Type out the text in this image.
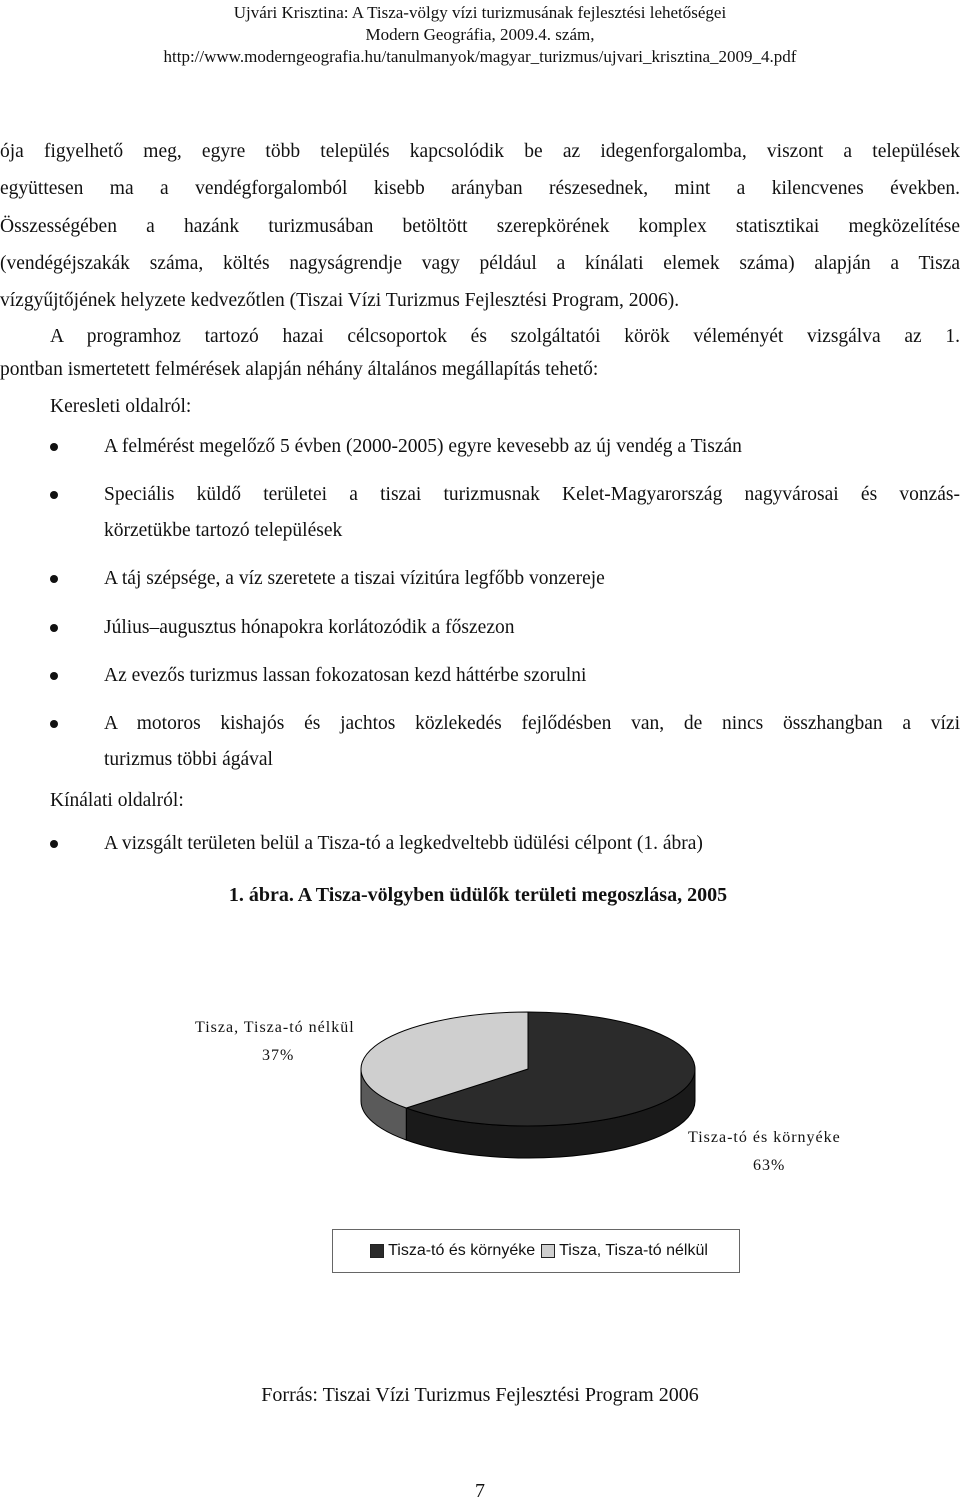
Ujvári Krisztina: A Tisza-völgy vízi turizmusának fejlesztési lehetőségei
Modern Geográfia, 2009.4. szám,
http://www.moderngeografia.hu/tanulmanyok/magyar_turizmus/ujvari_krisztina_2009_4.pdf
ója figyelhető meg, egyre több település kapcsolódik be az idegenforgalomba, viszont a települések
együttesen ma a vendégforgalomból kisebb arányban részesednek, mint a kilencvenes években.
Összességében a hazánk turizmusában betöltött szerepkörének komplex statisztikai megközelítése
(vendégéjszakák száma, költés nagyságrendje vagy például a kínálati elemek száma) alapján a Tisza
vízgyűjtőjének helyzete kedvezőtlen (Tiszai Vízi Turizmus Fejlesztési Program, 2006).
A programhoz tartozó hazai célcsoportok és szolgáltatói körök véleményét vizsgálva az 1.
pontban ismertetett felmérések alapján néhány általános megállapítás tehető:
Keresleti oldalról:
A felmérést megelőző 5 évben (2000-2005) egyre kevesebb az új vendég a Tiszán
Speciális küldő területei a tiszai turizmusnak Kelet-Magyarország nagyvárosai és vonzás-
körzetükbe tartozó települések
A táj szépsége, a víz szeretete a tiszai vízitúra legfőbb vonzereje
Július–augusztus hónapokra korlátozódik a főszezon
Az evezős turizmus lassan fokozatosan kezd háttérbe szorulni
A motoros kishajós és jachtos közlekedés fejlődésben van, de nincs összhangban a vízi
turizmus többi ágával
Kínálati oldalról:
A vizsgált területen belül a Tisza-tó a legkedveltebb üdülési célpont (1. ábra)
1. ábra. A Tisza-völgyben üdülők területi megoszlása, 2005
Tisza, Tisza-tó nélkül
37%
Tisza-tó és környéke
63%
Tisza-tó és környéke Tisza, Tisza-tó nélkül
Forrás: Tiszai Vízi Turizmus Fejlesztési Program 2006
7
